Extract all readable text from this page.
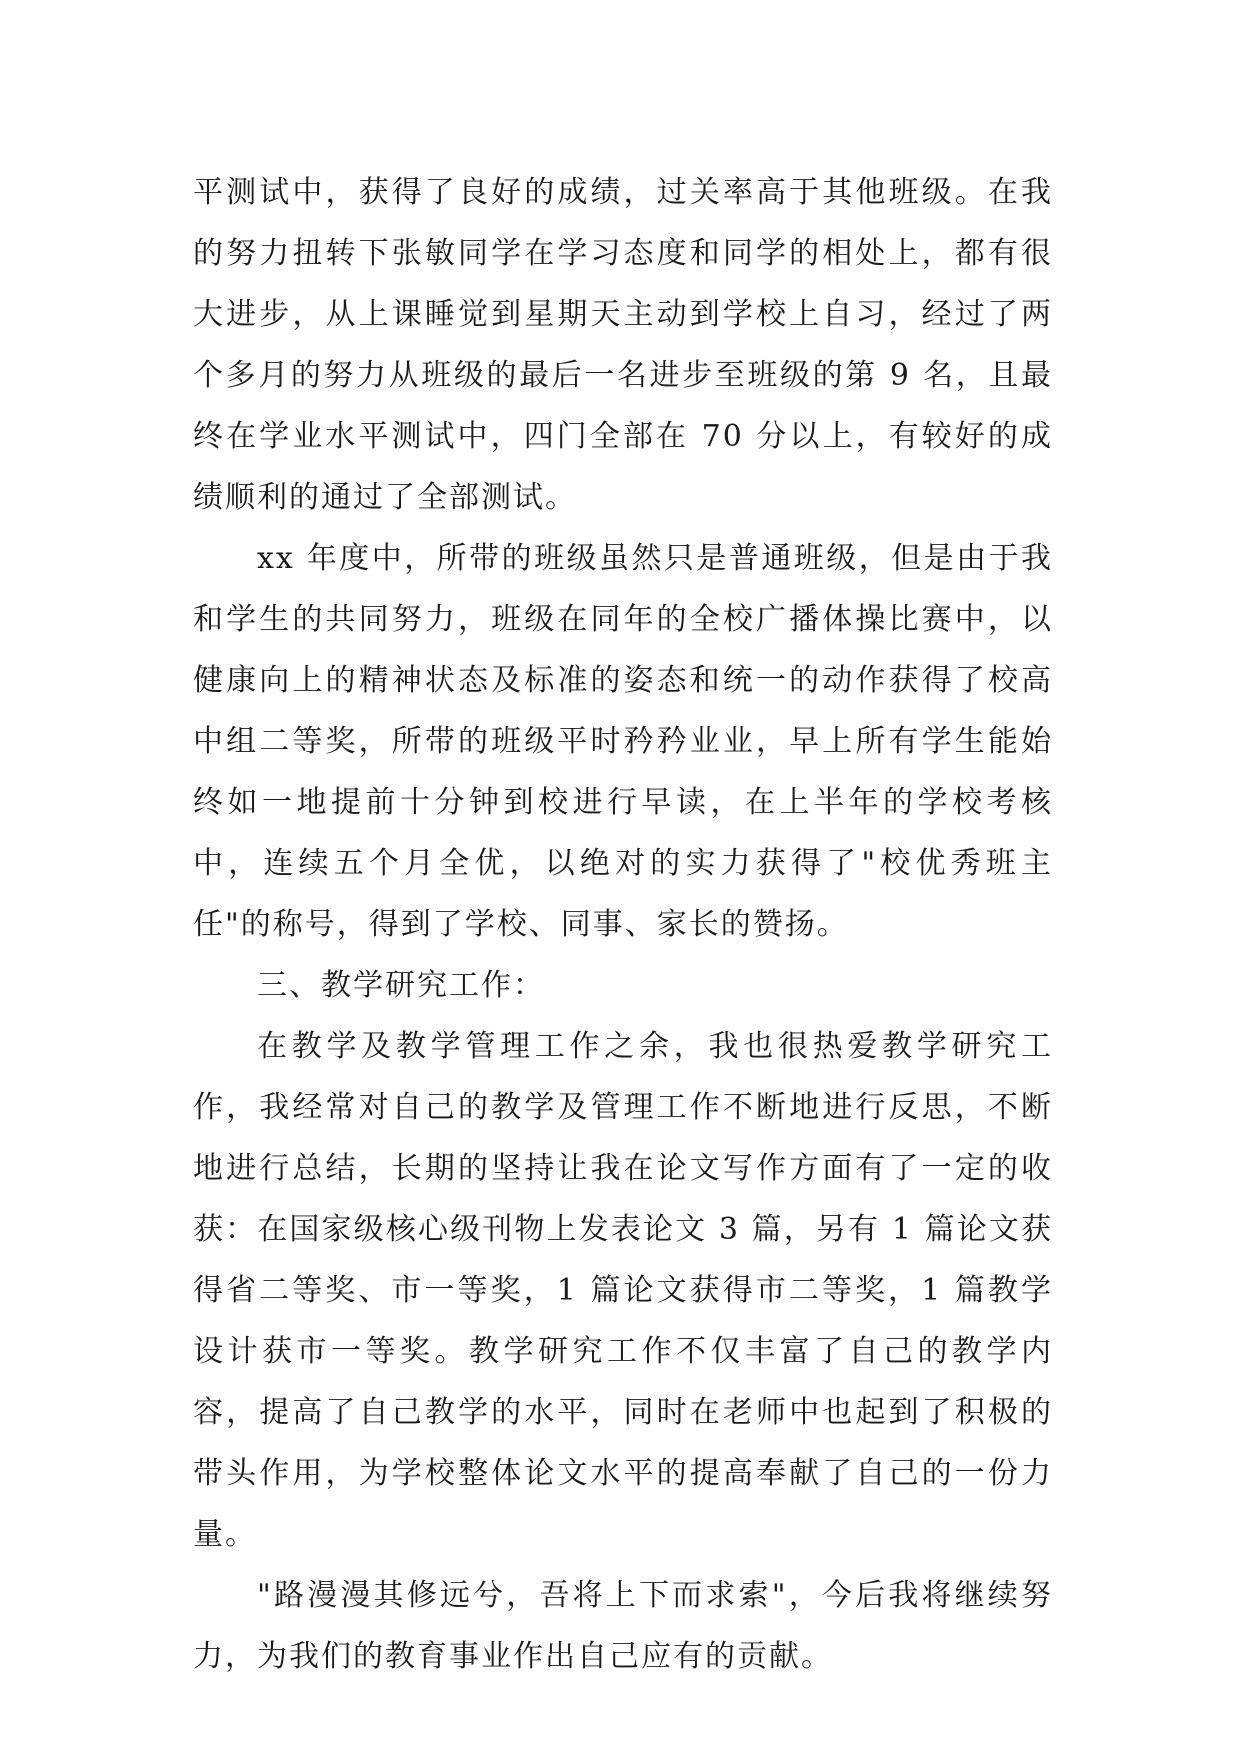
平测试中，获得了良好的成绩，过关率高于其他班级。在我的努力扭转下张敏同学在学习态度和同学的相处上，都有很大进步，从上课睡觉到星期天主动到学校上自习，经过了两个多月的努力从班级的最后一名进步至班级的第 9 名，且最终在学业水平测试中，四门全部在 70 分以上，有较好的成绩顺利的通过了全部测试。

xx 年度中，所带的班级虽然只是普通班级，但是由于我和学生的共同努力，班级在同年的全校广播体操比赛中，以健康向上的精神状态及标准的姿态和统一的动作获得了校高中组二等奖，所带的班级平时矜矜业业，早上所有学生能始终如一地提前十分钟到校进行早读，在上半年的学校考核中，连续五个月全优，以绝对的实力获得了"校优秀班主任"的称号，得到了学校、同事、家长的赞扬。

三、教学研究工作：

在教学及教学管理工作之余，我也很热爱教学研究工作，我经常对自己的教学及管理工作不断地进行反思，不断地进行总结，长期的坚持让我在论文写作方面有了一定的收获：在国家级核心级刊物上发表论文 3 篇，另有 1 篇论文获得省二等奖、市一等奖，1 篇论文获得市二等奖，1 篇教学设计获市一等奖。教学研究工作不仅丰富了自己的教学内容，提高了自己教学的水平，同时在老师中也起到了积极的带头作用，为学校整体论文水平的提高奉献了自己的一份力量。

"路漫漫其修远兮，吾将上下而求索"，今后我将继续努力，为我们的教育事业作出自己应有的贡献。
